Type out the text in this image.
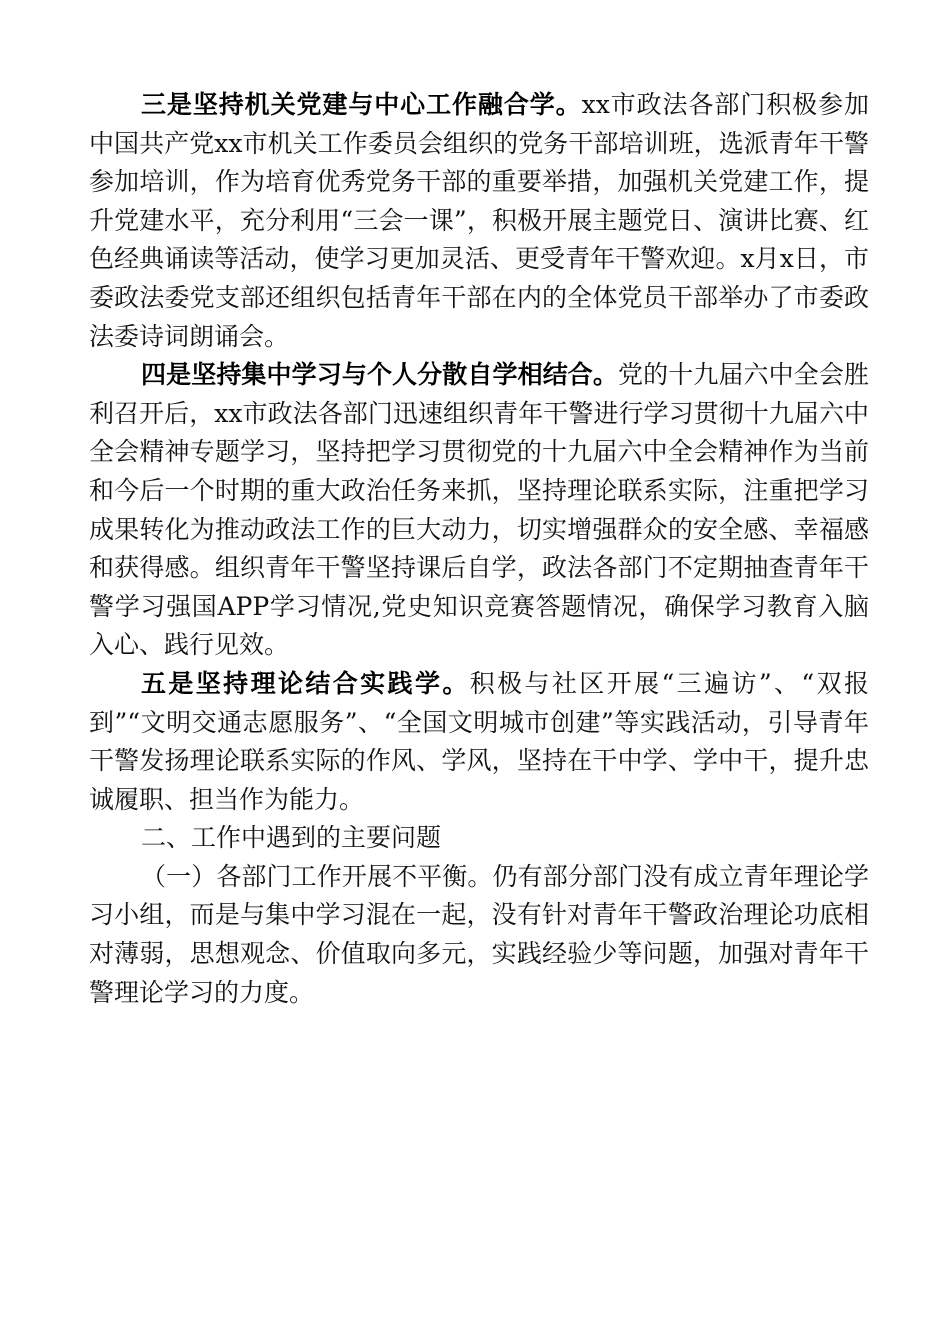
三是坚持机关党建与中心工作融合学。xx市政法各部门积极参加中国共产党xx市机关工作委员会组织的党务干部培训班，选派青年干警参加培训，作为培育优秀党务干部的重要举措，加强机关党建工作，提升党建水平，充分利用“三会一课”，积极开展主题党日、演讲比赛、红色经典诵读等活动，使学习更加灵活、更受青年干警欢迎。x月x日，市委政法委党支部还组织包括青年干部在内的全体党员干部举办了市委政法委诗词朗诵会。

四是坚持集中学习与个人分散自学相结合。党的十九届六中全会胜利召开后，xx市政法各部门迅速组织青年干警进行学习贯彻十九届六中全会精神专题学习，坚持把学习贯彻党的十九届六中全会精神作为当前和今后一个时期的重大政治任务来抓，坚持理论联系实际，注重把学习成果转化为推动政法工作的巨大动力，切实增强群众的安全感、幸福感和获得感。组织青年干警坚持课后自学，政法各部门不定期抽查青年干警学习强国APP学习情况,党史知识竞赛答题情况，确保学习教育入脑入心、践行见效。

五是坚持理论结合实践学。积极与社区开展“三遍访”、“双报到”“文明交通志愿服务”、“全国文明城市创建”等实践活动，引导青年干警发扬理论联系实际的作风、学风，坚持在干中学、学中干，提升忠诚履职、担当作为能力。

二、工作中遇到的主要问题

（一）各部门工作开展不平衡。仍有部分部门没有成立青年理论学习小组，而是与集中学习混在一起，没有针对青年干警政治理论功底相对薄弱，思想观念、价值取向多元，实践经验少等问题，加强对青年干警理论学习的力度。
